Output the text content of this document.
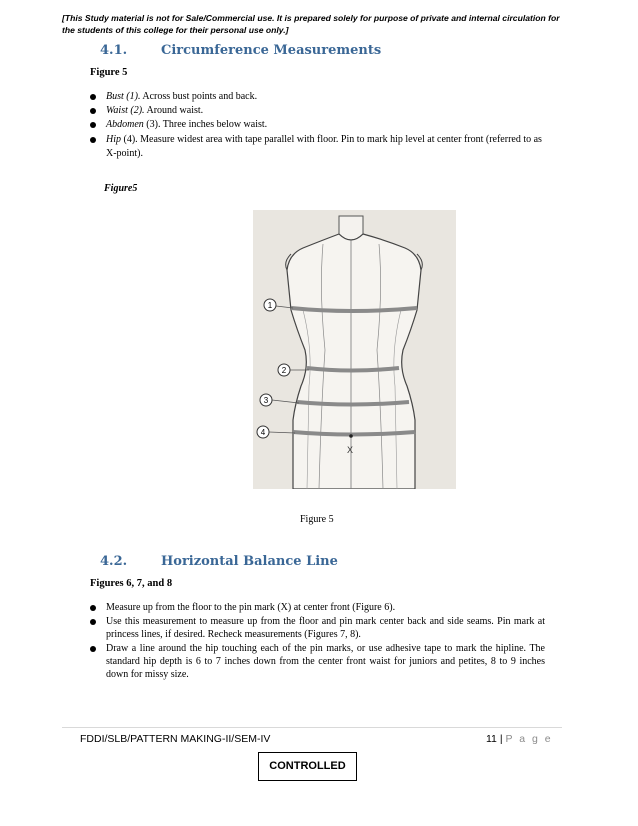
[This Study material is not for Sale/Commercial use. It is prepared solely for purpose of private and internal circulation for the students of this college for their personal use only.]
4.1.	Circumference Measurements
Figure 5
Bust (1). Across bust points and back.
Waist (2). Around waist.
Abdomen (3). Three inches below waist.
Hip (4). Measure widest area with tape parallel with floor. Pin to mark hip level at center front (referred to as X-point).
Figure5
X
1
2
3
4
Figure 5
4.2.	Horizontal Balance Line
Figures 6, 7, and 8
Measure up from the floor to the pin mark (X) at center front (Figure 6).
Use this measurement to measure up from the floor and pin mark center back and side seams. Pin mark at princess lines, if desired. Recheck measurements (Figures 7, 8).
Draw a line around the hip touching each of the pin marks, or use adhesive tape to mark the hipline. The standard hip depth is 6 to 7 inches down from the center front waist for juniors and petites, 8 to 9 inches down for missy size.
FDDI/SLB/PATTERN MAKING-II/SEM-IV	11 | P a g e
CONTROLLED
